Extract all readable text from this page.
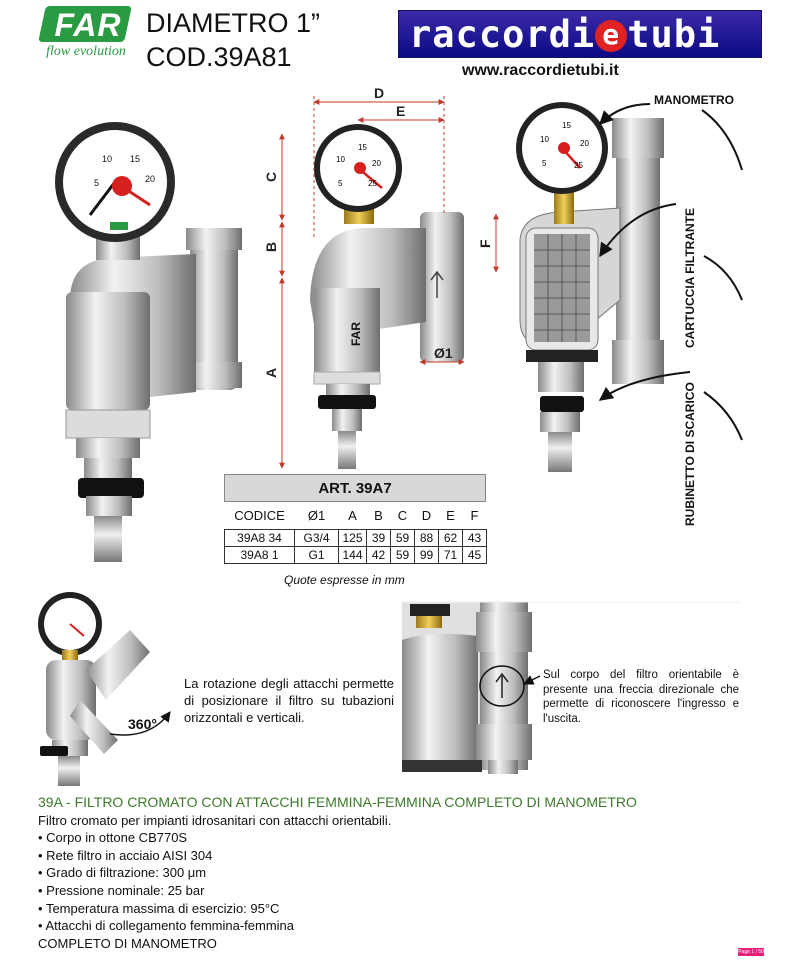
FAR
flow evolution
DIAMETRO 1”
COD.39A81
raccordi e tubi
www.raccordietubi.it
5
10 15
20
FAR
10
15
20
25
5
D
E
C
B
A
F
Ø1
10
15
20
25
5
MANOMETRO
CARTUCCIA FILTRANTE
RUBINETTO DI SCARICO
ART. 39A7
CODICE	Ø1	A	B	C	D	E	F
39A8 34	G3/4	125	39	59	88	62	43
39A8 1	G1	144	42	59	99	71	45
Quote espresse in mm
360°
La rotazione degli attacchi permette di posizionare il filtro su tubazioni orizzontali e verticali.
Sul corpo del filtro orientabile è presente una freccia direzionale che permette di riconoscere l'ingresso e l'uscita.
39A - FILTRO CROMATO CON ATTACCHI FEMMINA-FEMMINA COMPLETO DI MANOMETRO
Filtro cromato per impianti idrosanitari con attacchi orientabili.
• Corpo in ottone CB770S
• Rete filtro in acciaio AISI 304
• Grado di filtrazione: 300 μm
• Pressione nominale: 25 bar
• Temperatura massima di esercizio: 95°C
• Attacchi di collegamento femmina-femmina
COMPLETO DI MANOMETRO
Page 1 / 50
